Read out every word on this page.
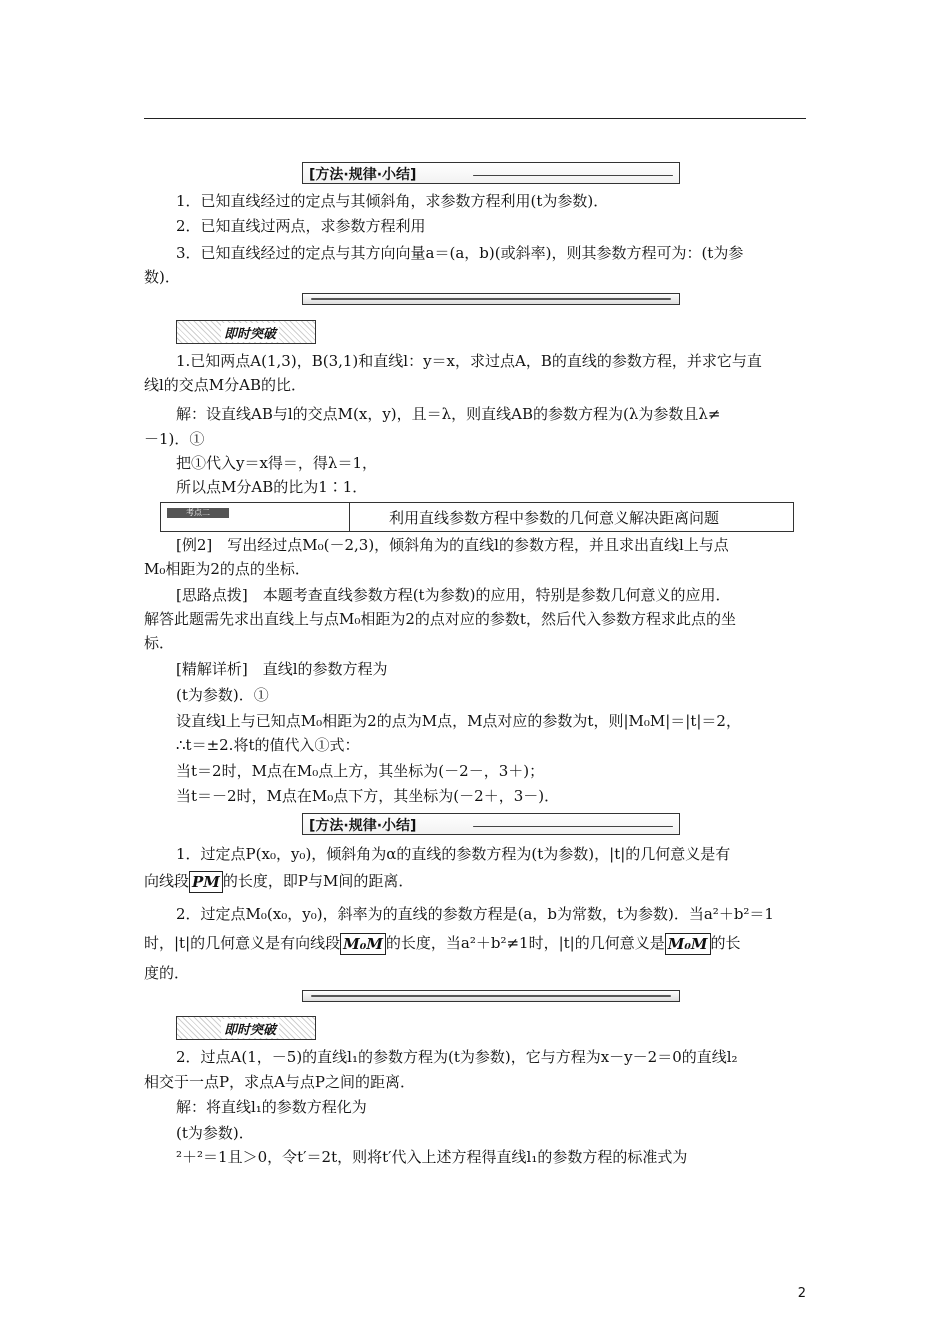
[方法·规律·小结]
1．已知直线经过的定点与其倾斜角，求参数方程利用(t为参数)．
2．已知直线过两点，求参数方程利用
3．已知直线经过的定点与其方向向量a＝(a，b)(或斜率)，则其参数方程可为：(t为参
数)．
即时突破
1.已知两点A(1,3)，B(3,1)和直线l：y＝x，求过点A，B的直线的参数方程，并求它与直
线l的交点M分AB的比．
解：设直线AB与l的交点M(x，y)，且＝λ，则直线AB的参数方程为(λ为参数且λ≠
－1)．①
把①代入y＝x得＝，得λ＝1，
所以点M分AB的比为1∶1．
考点二	利用直线参数方程中参数的几何意义解决距离问题
[例2]　写出经过点M₀(－2,3)，倾斜角为的直线l的参数方程，并且求出直线l上与点
M₀相距为2的点的坐标．
[思路点拨]　本题考查直线参数方程(t为参数)的应用，特别是参数几何意义的应用．
解答此题需先求出直线上与点M₀相距为2的点对应的参数t，然后代入参数方程求此点的坐
标．
[精解详析]　直线l的参数方程为
(t为参数)．①
设直线l上与已知点M₀相距为2的点为M点，M点对应的参数为t，则|M₀M|＝|t|＝2，
∴t＝±2.将t的值代入①式：
当t＝2时，M点在M₀点上方，其坐标为(－2－，3＋)；
当t＝－2时，M点在M₀点下方，其坐标为(－2＋，3－)．
[方法·规律·小结]
1．过定点P(x₀，y₀)，倾斜角为α的直线的参数方程为(t为参数)，|t|的几何意义是有
向线段 PM 的长度，即P与M间的距离．
2．过定点M₀(x₀，y₀)，斜率为的直线的参数方程是(a，b为常数，t为参数)．当a²＋b²＝1
时，|t|的几何意义是有向线段 M₀M 的长度，当a²＋b²≠1时，|t|的几何意义是 M₀M 的长
度的．
即时突破
2．过点A(1，－5)的直线l₁的参数方程为(t为参数)，它与方程为x－y－2＝0的直线l₂
相交于一点P，求点A与点P之间的距离．
解：将直线l₁的参数方程化为
(t为参数)．
²＋²＝1且＞0，令t′＝2t，则将t′代入上述方程得直线l₁的参数方程的标准式为
2
